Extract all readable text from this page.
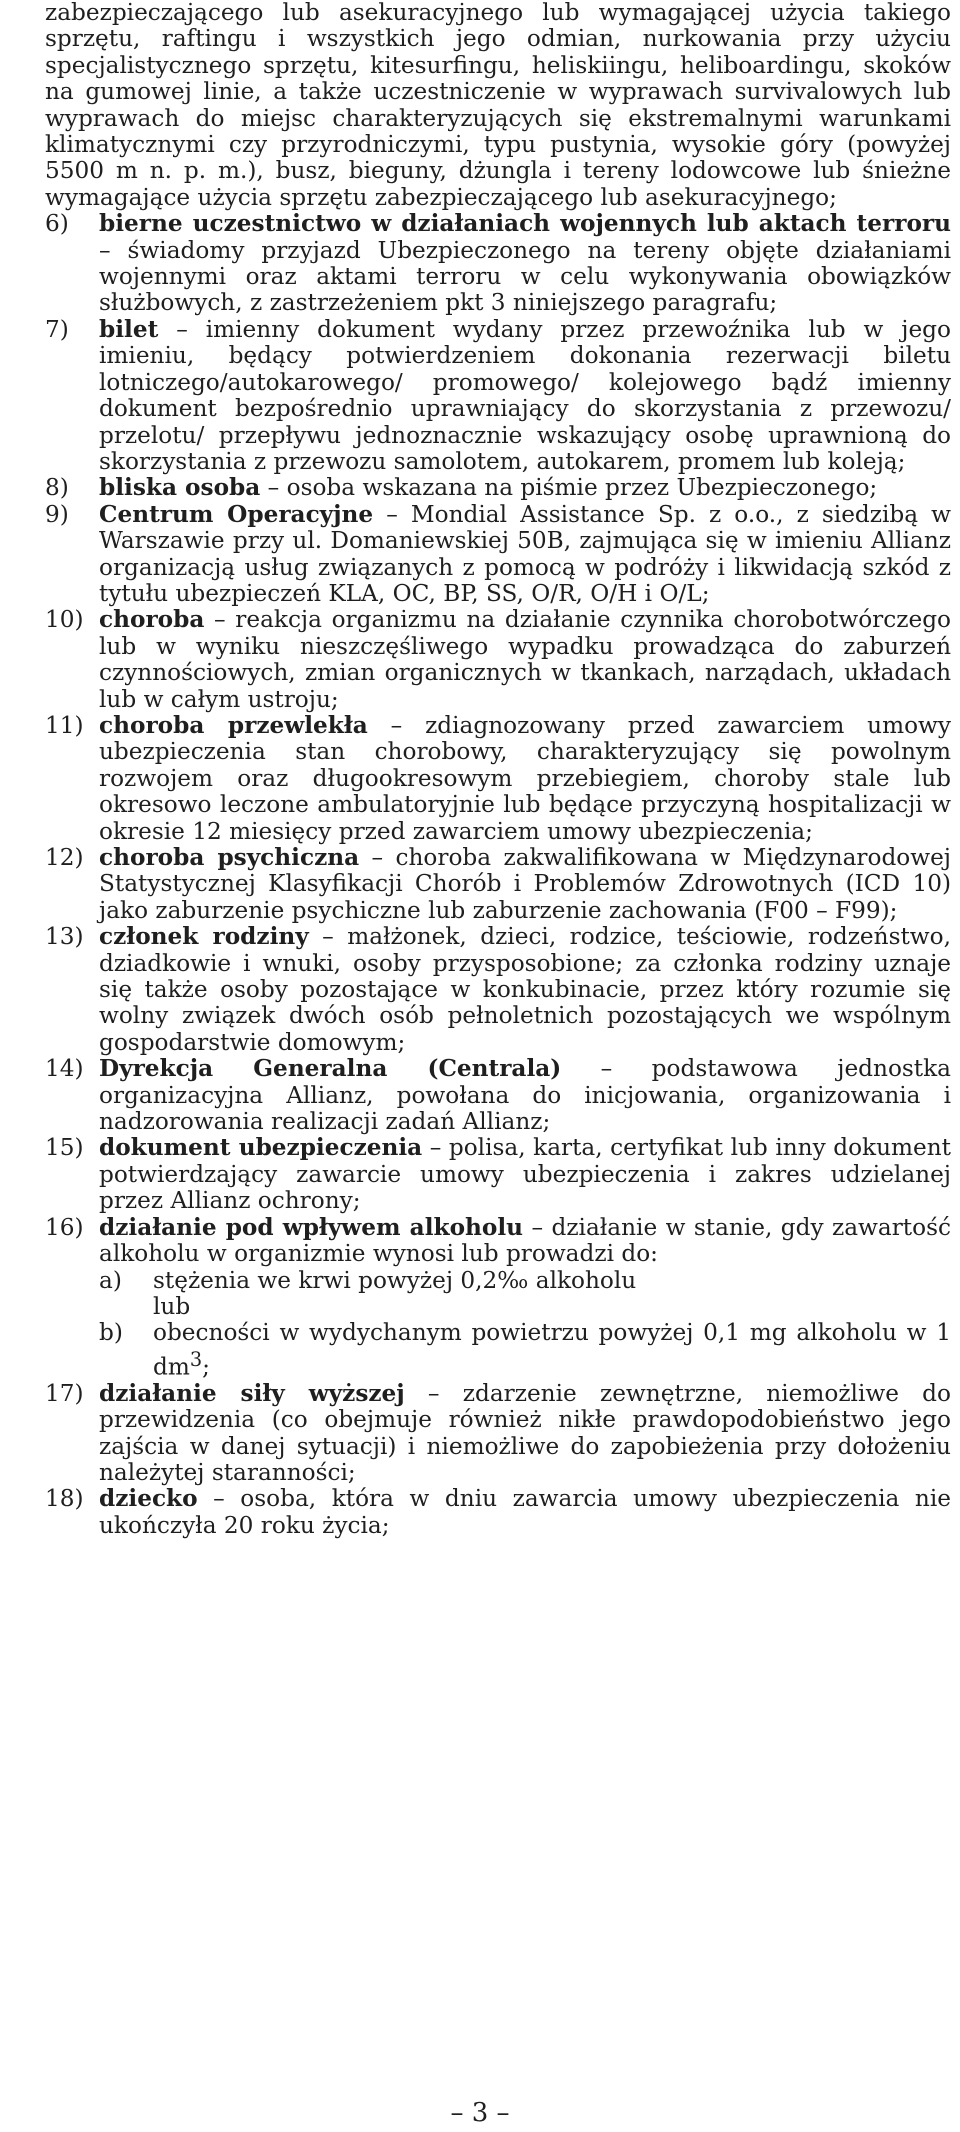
zabezpieczającego lub asekuracyjnego lub wymagającej użycia takiego sprzętu, raftingu i wszystkich jego odmian, nurkowania przy użyciu specjalistycznego sprzętu, kitesurfingu, heliskiingu, heliboardingu, skoków na gumowej linie, a także uczestniczenie w wyprawach survivalowych lub wyprawach do miejsc charakteryzujących się ekstremalnymi warunkami klimatycznymi czy przyrodniczymi, typu pustynia, wysokie góry (powyżej 5500 m n. p. m.), busz, bieguny, dżungla i tereny lodowcowe lub śnieżne wymagające użycia sprzętu zabezpieczającego lub asekuracyjnego;

6) bierne uczestnictwo w działaniach wojennych lub aktach terroru – świadomy przyjazd Ubezpieczonego na tereny objęte działaniami wojennymi oraz aktami terroru w celu wykonywania obowiązków służbowych, z zastrzeżeniem pkt 3 niniejszego paragrafu;
7) bilet – imienny dokument wydany przez przewoźnika lub w jego imieniu, będący potwierdzeniem dokonania rezerwacji biletu lotniczego/autokarowego/ promowego/ kolejowego bądź imienny dokument bezpośrednio uprawniający do skorzystania z przewozu/ przelotu/ przepływu jednoznacznie wskazujący osobę uprawnioną do skorzystania z przewozu samolotem, autokarem, promem lub koleją;
8) bliska osoba – osoba wskazana na piśmie przez Ubezpieczonego;
9) Centrum Operacyjne – Mondial Assistance Sp. z o.o., z siedzibą w Warszawie przy ul. Domaniewskiej 50B, zajmująca się w imieniu Allianz organizacją usług związanych z pomocą w podróży i likwidacją szkód z tytułu ubezpieczeń KLA, OC, BP, SS, O/R, O/H i O/L;
10) choroba – reakcja organizmu na działanie czynnika chorobotwórczego lub w wyniku nieszczęśliwego wypadku prowadząca do zaburzeń czynnościowych, zmian organicznych w tkankach, narządach, układach lub w całym ustroju;
11) choroba przewlekła – zdiagnozowany przed zawarciem umowy ubezpieczenia stan chorobowy, charakteryzujący się powolnym rozwojem oraz długookresowym przebiegiem, choroby stale lub okresowo leczone ambulatoryjnie lub będące przyczyną hospitalizacji w okresie 12 miesięcy przed zawarciem umowy ubezpieczenia;
12) choroba psychiczna – choroba zakwalifikowana w Międzynarodowej Statystycznej Klasyfikacji Chorób i Problemów Zdrowotnych (ICD 10) jako zaburzenie psychiczne lub zaburzenie zachowania (F00 – F99);
13) członek rodziny – małżonek, dzieci, rodzice, teściowie, rodzeństwo, dziadkowie i wnuki, osoby przysposobione; za członka rodziny uznaje się także osoby pozostające w konkubinacie, przez który rozumie się wolny związek dwóch osób pełnoletnich pozostających we wspólnym gospodarstwie domowym;
14) Dyrekcja Generalna (Centrala) – podstawowa jednostka organizacyjna Allianz, powołana do inicjowania, organizowania i nadzorowania realizacji zadań Allianz;
15) dokument ubezpieczenia – polisa, karta, certyfikat lub inny dokument potwierdzający zawarcie umowy ubezpieczenia i zakres udzielanej przez Allianz ochrony;
16) działanie pod wpływem alkoholu – działanie w stanie, gdy zawartość alkoholu w organizmie wynosi lub prowadzi do:
a) stężenia we krwi powyżej 0,2‰ alkoholu
lub
b) obecności w wydychanym powietrzu powyżej 0,1 mg alkoholu w 1 $dm^3$;
17) działanie siły wyższej – zdarzenie zewnętrzne, niemożliwe do przewidzenia (co obejmuje również nikłe prawdopodobieństwo jego zajścia w danej sytuacji) i niemożliwe do zapobieżenia przy dołożeniu należytej staranności;
18) dziecko – osoba, która w dniu zawarcia umowy ubezpieczenia nie ukończyła 20 roku życia;
– 3 –
